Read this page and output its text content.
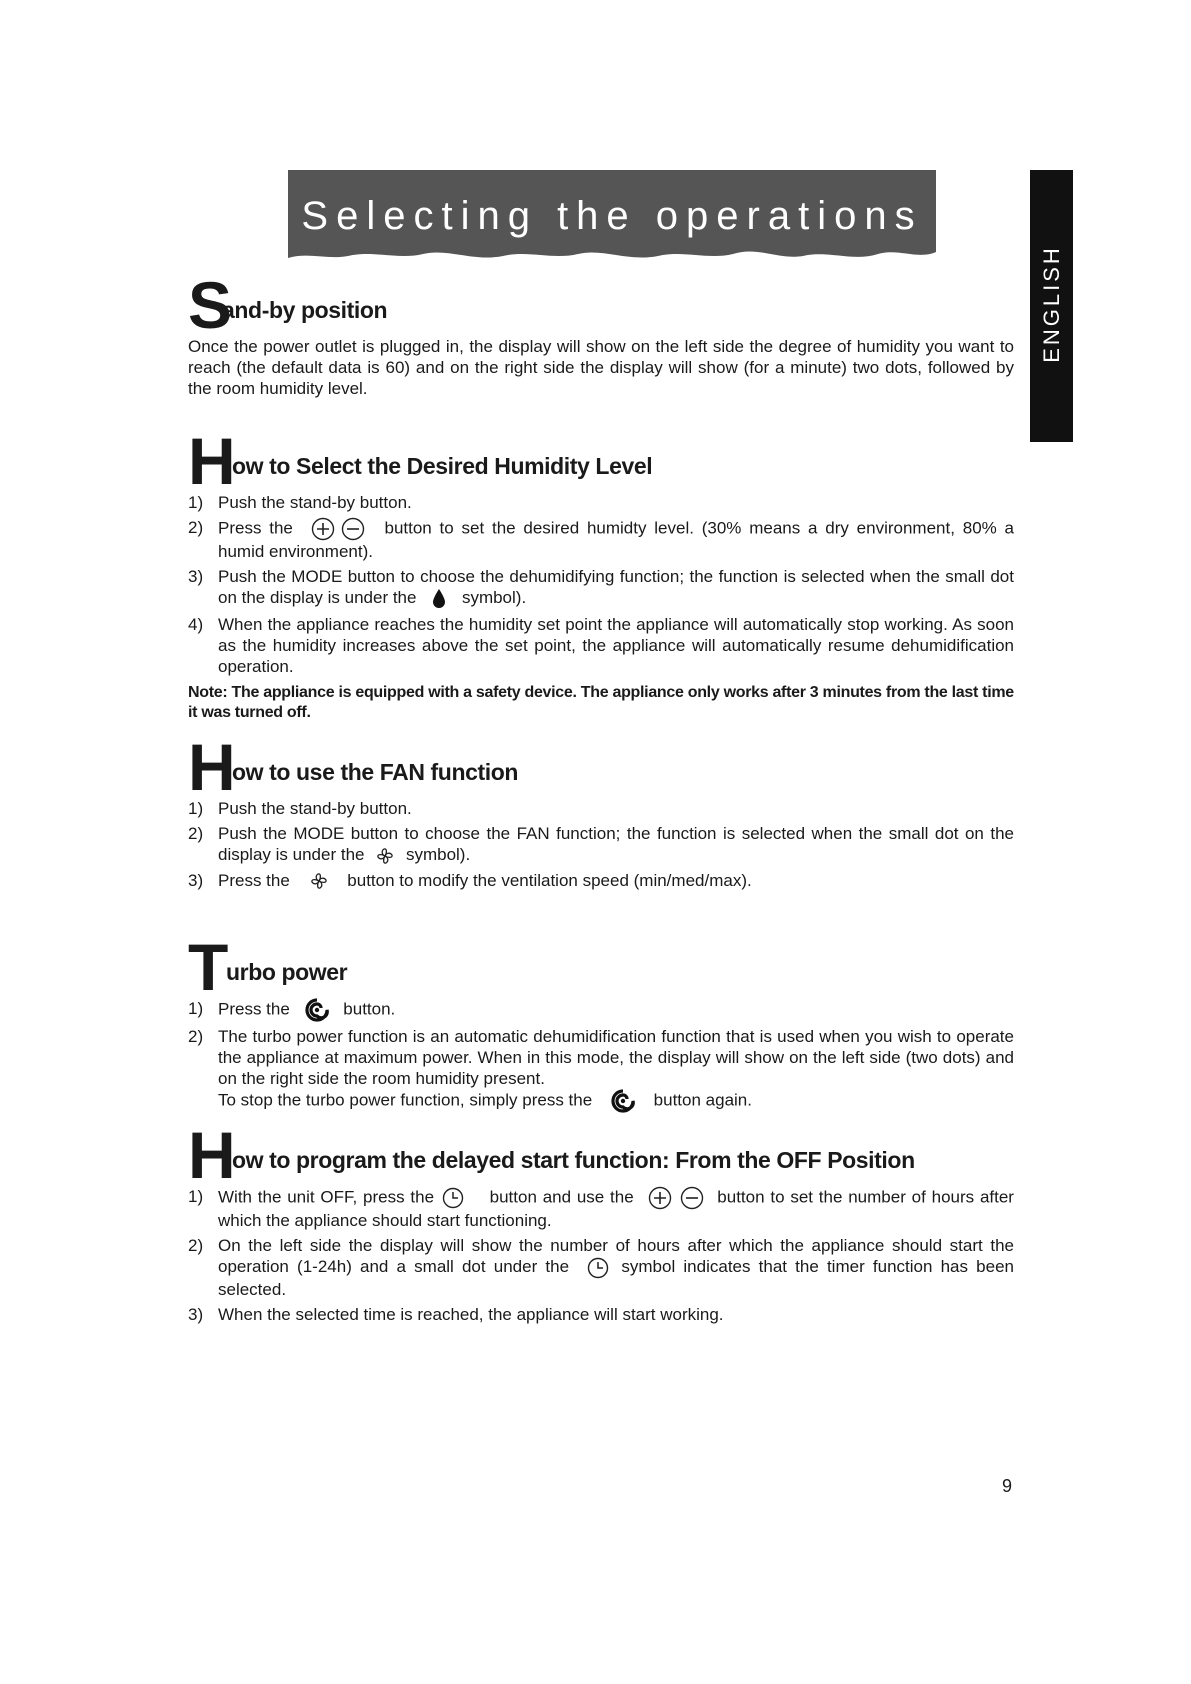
Selecting the operations
ENGLISH
S
and-by position

Once the power outlet is plugged in, the display will show on the left side the degree of humidity you want to reach (the default data is 60) and on the right side the display will show (for a minute) two dots, followed by the room humidity level.

H ow to Select the Desired Humidity Level
1) Push the stand-by button.
2) Press the	button to set the desired humidty level. (30% means a dry environment, 80% a humid environment).
3) Push the MODE button to choose the dehumidifying function; the function is selected when the small dot on the display is under the	symbol).
4) When the appliance reaches the humidity set point the appliance will automatically stop working. As soon as the humidity increases above the set point, the appliance will automatically resume dehumidification operation.

Note: The appliance is equipped with a safety device. The appliance only works after 3 minutes from the last time it was turned off.

H ow to use the FAN function
1) Push the stand-by button.
2) Push the MODE button to choose the FAN function; the function is selected when the small dot on the display is under the symbol).
3) Press the	button to modify the ventilation speed (min/med/max).
T urbo power
1) Press the	button.
2) The turbo power function is an automatic dehumidification function that is used when you wish to operate the appliance at maximum power. When in this mode, the display will show on the left side (two dots) and on the right side the room humidity present.
To stop the turbo power function, simply press the	button again.
H ow to program the delayed start function: From the OFF Position
1) With the unit OFF, press the	button and use the	button to set the number of hours after which the appliance should start functioning.
2) On the left side the display will show the number of hours after which the appliance should start the operation (1-24h) and a small dot under the	symbol indicates that the timer function has been selected.
3) When the selected time is reached, the appliance will start working.
9
